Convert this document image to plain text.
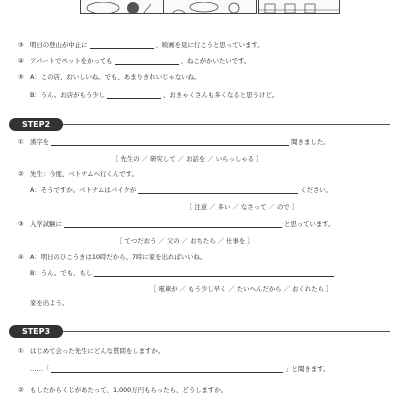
③ 明日の登山が中止に	、映画を見に行こうと思っています。
④ アパートでペットをかっても	、ねこがかいたいです。
⑤ A：この店、おいしいね。でも、あまりきれいじゃないね。
B：うん。お店がもう少し	、おきゃくさんも多くなると思うけど。
STEP2
① 漢字を	聞きました。
［ 先生の ／ 研究して ／ お話を ／ いらっしゃる ］
② 先生：今度、ベトナムへ行くんです。
A：そうですか。ベトナムはバイクが	ください。
［ 注意 ／ 多い ／ なさって ／ ので ］
③ 入学試験に	と思っています。
［ てつだおう ／ 父の ／ おちたら ／ 仕事を ］
④ A：明日のひこうきは10時だから、7時に家を出ればいいね。
B：うん。でも、もし
［ 電車が ／ もう少し早く ／ たいへんだから ／ おくれたら ］
家を出よう。
STEP3
① はじめて会った先生にどんな質問をしますか。
……「	」と聞きます。
② もしたからくじがあたって、1,000万円もらったら、どうしますか。
